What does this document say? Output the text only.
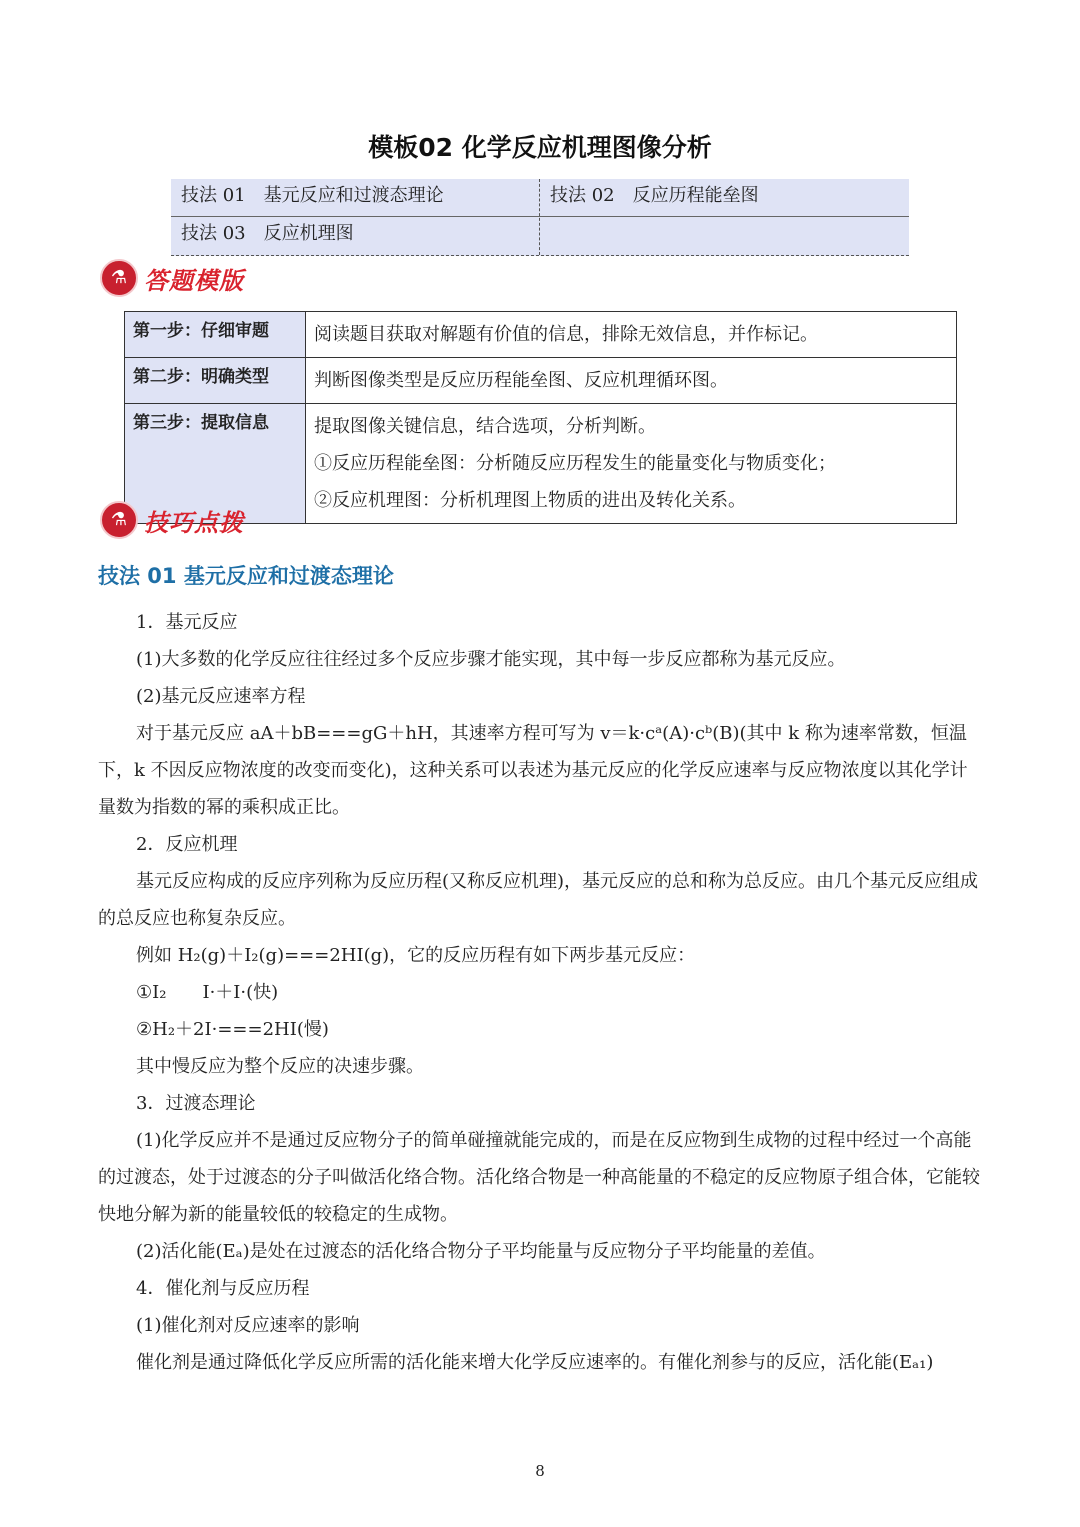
模板02 化学反应机理图像分析
技法 01　基元反应和过渡态理论	技法 02　反应历程能垒图
技法 03　反应机理图
⚗ 答题模版
第一步：仔细审题	阅读题目获取对解题有价值的信息，排除无效信息，并作标记。

第二步：明确类型	判断图像类型是反应历程能垒图、反应机理循环图。

第三步：提取信息	提取图像关键信息，结合选项，分析判断。
①反应历程能垒图：分析随反应历程发生的能量变化与物质变化；
②反应机理图：分析机理图上物质的进出及转化关系。
⚗ 技巧点拨
技法 01 基元反应和过渡态理论

1．基元反应

(1)大多数的化学反应往往经过多个反应步骤才能实现，其中每一步反应都称为基元反应。

(2)基元反应速率方程

对于基元反应 aA＋bB===gG＋hH，其速率方程可写为 v＝k·cᵃ(A)·cᵇ(B)(其中 k 称为速率常数，恒温下，k 不因反应物浓度的改变而变化)，这种关系可以表述为基元反应的化学反应速率与反应物浓度以其化学计量数为指数的幂的乘积成正比。

2．反应机理

基元反应构成的反应序列称为反应历程(又称反应机理)，基元反应的总和称为总反应。由几个基元反应组成的总反应也称复杂反应。

例如 H₂(g)＋I₂(g)===2HI(g)，它的反应历程有如下两步基元反应：

①I₂　　I·＋I·(快)

②H₂＋2I·===2HI(慢)

其中慢反应为整个反应的决速步骤。

3．过渡态理论

(1)化学反应并不是通过反应物分子的简单碰撞就能完成的，而是在反应物到生成物的过程中经过一个高能的过渡态，处于过渡态的分子叫做活化络合物。活化络合物是一种高能量的不稳定的反应物原子组合体，它能较快地分解为新的能量较低的较稳定的生成物。

(2)活化能(Eₐ)是处在过渡态的活化络合物分子平均能量与反应物分子平均能量的差值。

4．催化剂与反应历程

(1)催化剂对反应速率的影响

催化剂是通过降低化学反应所需的活化能来增大化学反应速率的。有催化剂参与的反应，活化能(Eₐ₁)

8
